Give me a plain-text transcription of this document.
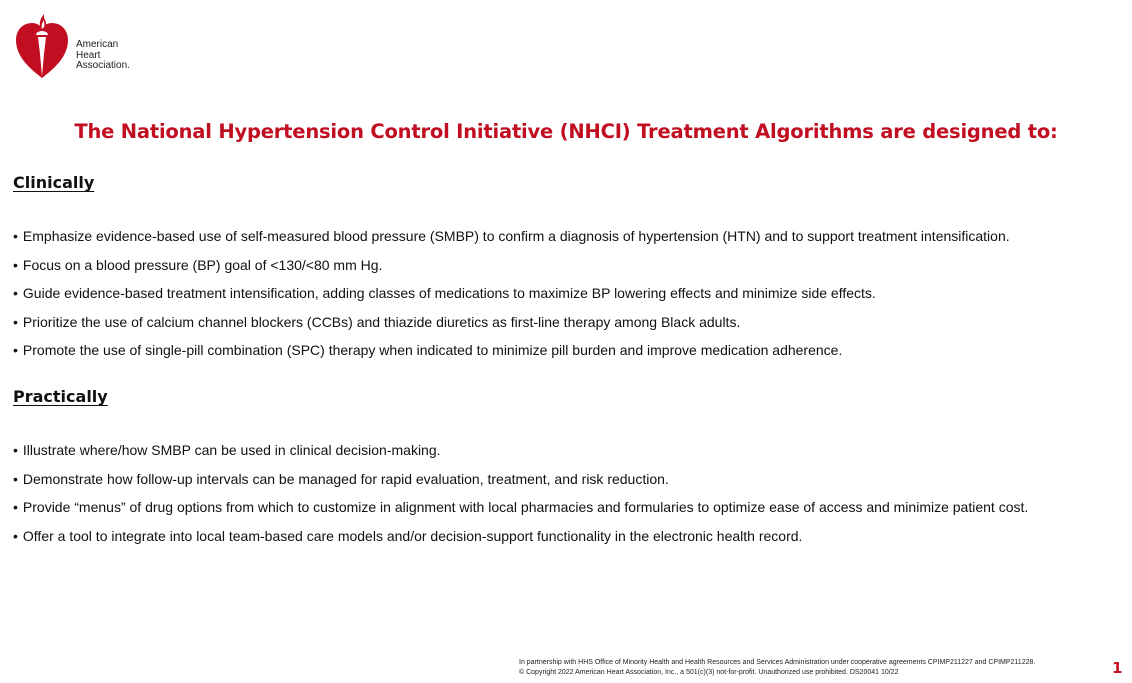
American
Heart
Association.
The National Hypertension Control Initiative (NHCI) Treatment Algorithms are designed to:
Clinically
• Emphasize evidence-based use of self-measured blood pressure (SMBP) to confirm a diagnosis of hypertension (HTN) and to support treatment intensification.
• Focus on a blood pressure (BP) goal of <130/<80 mm Hg.
• Guide evidence-based treatment intensification, adding classes of medications to maximize BP lowering effects and minimize side effects.
• Prioritize the use of calcium channel blockers (CCBs) and thiazide diuretics as first-line therapy among Black adults.
• Promote the use of single-pill combination (SPC) therapy when indicated to minimize pill burden and improve medication adherence.
Practically
• Illustrate where/how SMBP can be used in clinical decision-making.
• Demonstrate how follow-up intervals can be managed for rapid evaluation, treatment, and risk reduction.
• Provide “menus” of drug options from which to customize in alignment with local pharmacies and formularies to optimize ease of access and minimize patient cost.
• Offer a tool to integrate into local team-based care models and/or decision-support functionality in the electronic health record.
In partnership with HHS Office of Minority Health and Health Resources and Services Administration under cooperative agreements CPIMP211227 and CPIMP211228.
© Copyright 2022 American Heart Association, Inc., a 501(c)(3) not-for-profit. Unauthorized use prohibited. DS20041 10/22	1
